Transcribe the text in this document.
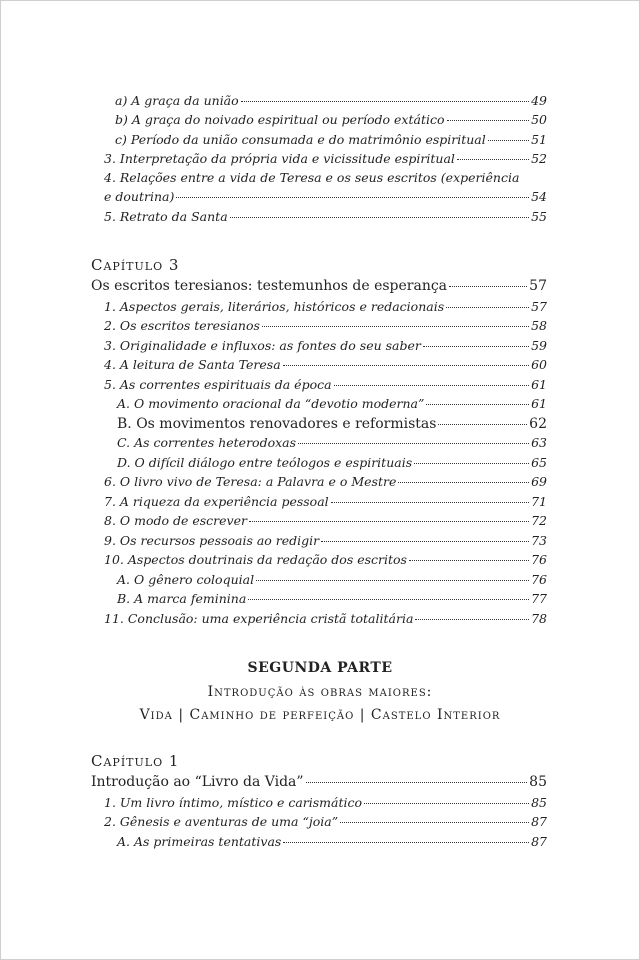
a) A graça da união	49
b) A graça do noivado espiritual ou período extático	50
c) Período da união consumada e do matrimônio espiritual	51
3. Interpretação da própria vida e vicissitude espiritual	52
4. Relações entre a vida de Teresa e os seus escritos (experiência
e doutrina)	54
5. Retrato da Santa	55
Capítulo 3
Os escritos teresianos: testemunhos de esperança	57
1. Aspectos gerais, literários, históricos e redacionais	57
2. Os escritos teresianos	58
3. Originalidade e influxos: as fontes do seu saber	59
4. A leitura de Santa Teresa	60
5. As correntes espirituais da época	61
A. O movimento oracional da “devotio moderna”	61
B. Os movimentos renovadores e reformistas	62
C. As correntes heterodoxas	63
D. O difícil diálogo entre teólogos e espirituais	65
6. O livro vivo de Teresa: a Palavra e o Mestre	69
7. A riqueza da experiência pessoal	71
8. O modo de escrever	72
9. Os recursos pessoais ao redigir	73
10. Aspectos doutrinais da redação dos escritos	76
A. O gênero coloquial	76
B. A marca feminina	77
11. Conclusão: uma experiência cristã totalitária	78
SEGUNDA PARTE
Introdução às obras maiores:
Vida | Caminho de perfeição | Castelo Interior
Capítulo 1
Introdução ao “Livro da Vida”	85
1. Um livro íntimo, místico e carismático	85
2. Gênesis e aventuras de uma “joia”	87
A. As primeiras tentativas	87
